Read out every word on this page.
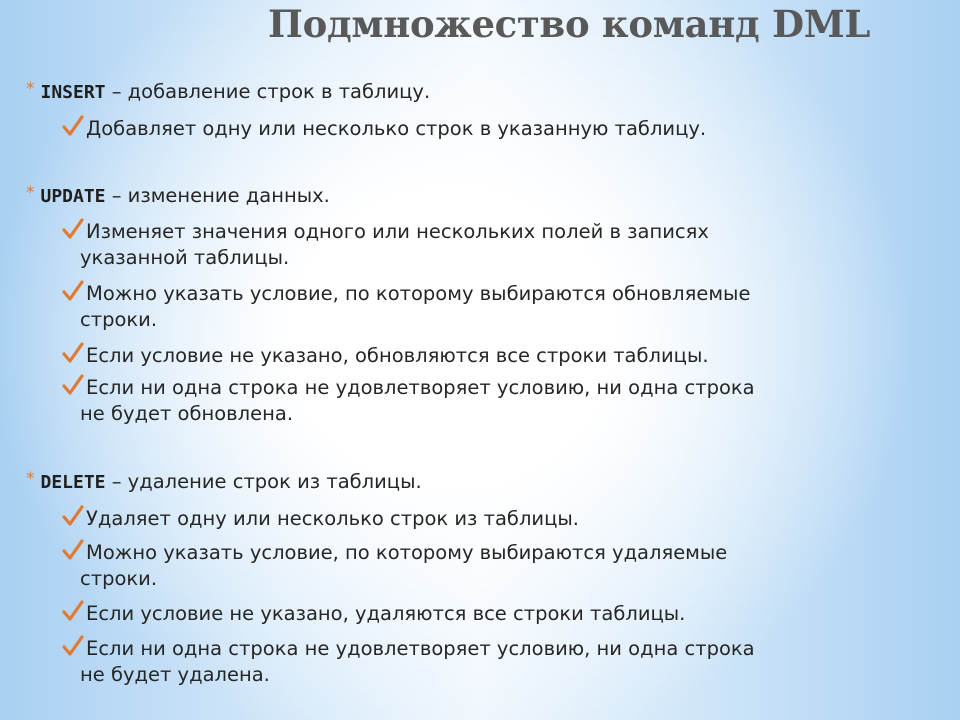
Подмножество команд DML
* INSERT – добавление строк в таблицу.
Добавляет одну или несколько строк в указанную таблицу.
* UPDATE – изменение данных.
Изменяет значения одного или нескольких полей в записях
указанной таблицы.
Можно указать условие, по которому выбираются обновляемые
строки.
Если условие не указано, обновляются все строки таблицы.
Если ни одна строка не удовлетворяет условию, ни одна строка
не будет обновлена.
* DELETE – удаление строк из таблицы.
Удаляет одну или несколько строк из таблицы.
Можно указать условие, по которому выбираются удаляемые
строки.
Если условие не указано, удаляются все строки таблицы.
Если ни одна строка не удовлетворяет условию, ни одна строка
не будет удалена.
